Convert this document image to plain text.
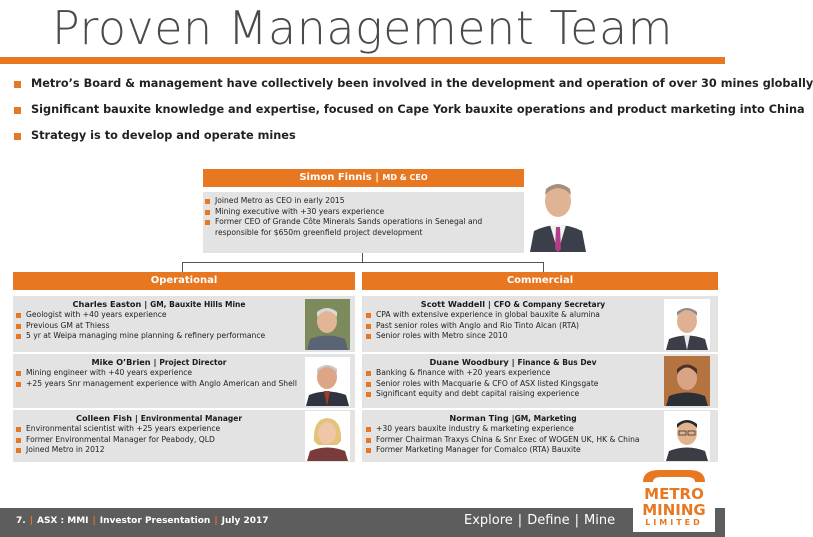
Proven Management Team
Metro’s Board & management have collectively been involved in the development and operation of over 30 mines globally
Significant bauxite knowledge and expertise, focused on Cape York bauxite operations and product marketing into China
Strategy is to develop and operate mines
Simon Finnis | MD & CEO
Joined Metro as CEO in early 2015
Mining executive with +30 years experience
Former CEO of Grande Côte Minerals Sands operations in Senegal and responsible for $650m greenfield project development
Operational	Commercial
Charles Easton | GM, Bauxite Hills Mine
Geologist with +40 years experience
Previous GM at Thiess
5 yr at Weipa managing mine planning & refinery performance
Mike O’Brien | Project Director
Mining engineer with +40 years experience
+25 years Snr management experience with Anglo American and Shell
Colleen Fish | Environmental Manager
Environmental scientist with +25 years experience
Former Environmental Manager for Peabody, QLD
Joined Metro in 2012
Scott Waddell | CFO & Company Secretary
CPA with extensive experience in global bauxite & alumina
Past senior roles with Anglo and Rio Tinto Alcan (RTA)
Senior roles with Metro since 2010
Duane Woodbury | Finance & Bus Dev
Banking & finance with +20 years experience
Senior roles with Macquarie & CFO of ASX listed Kingsgate
Significant equity and debt capital raising experience
Norman Ting |GM, Marketing
+30 years bauxite industry & marketing experience
Former Chairman Traxys China & Snr Exec of WOGEN UK, HK & China
Former Marketing Manager for Comalco (RTA) Bauxite
7. | ASX : MMI | Investor Presentation | July 2017	Explore | Define | Mine
METRO
MINING
LIMITED
